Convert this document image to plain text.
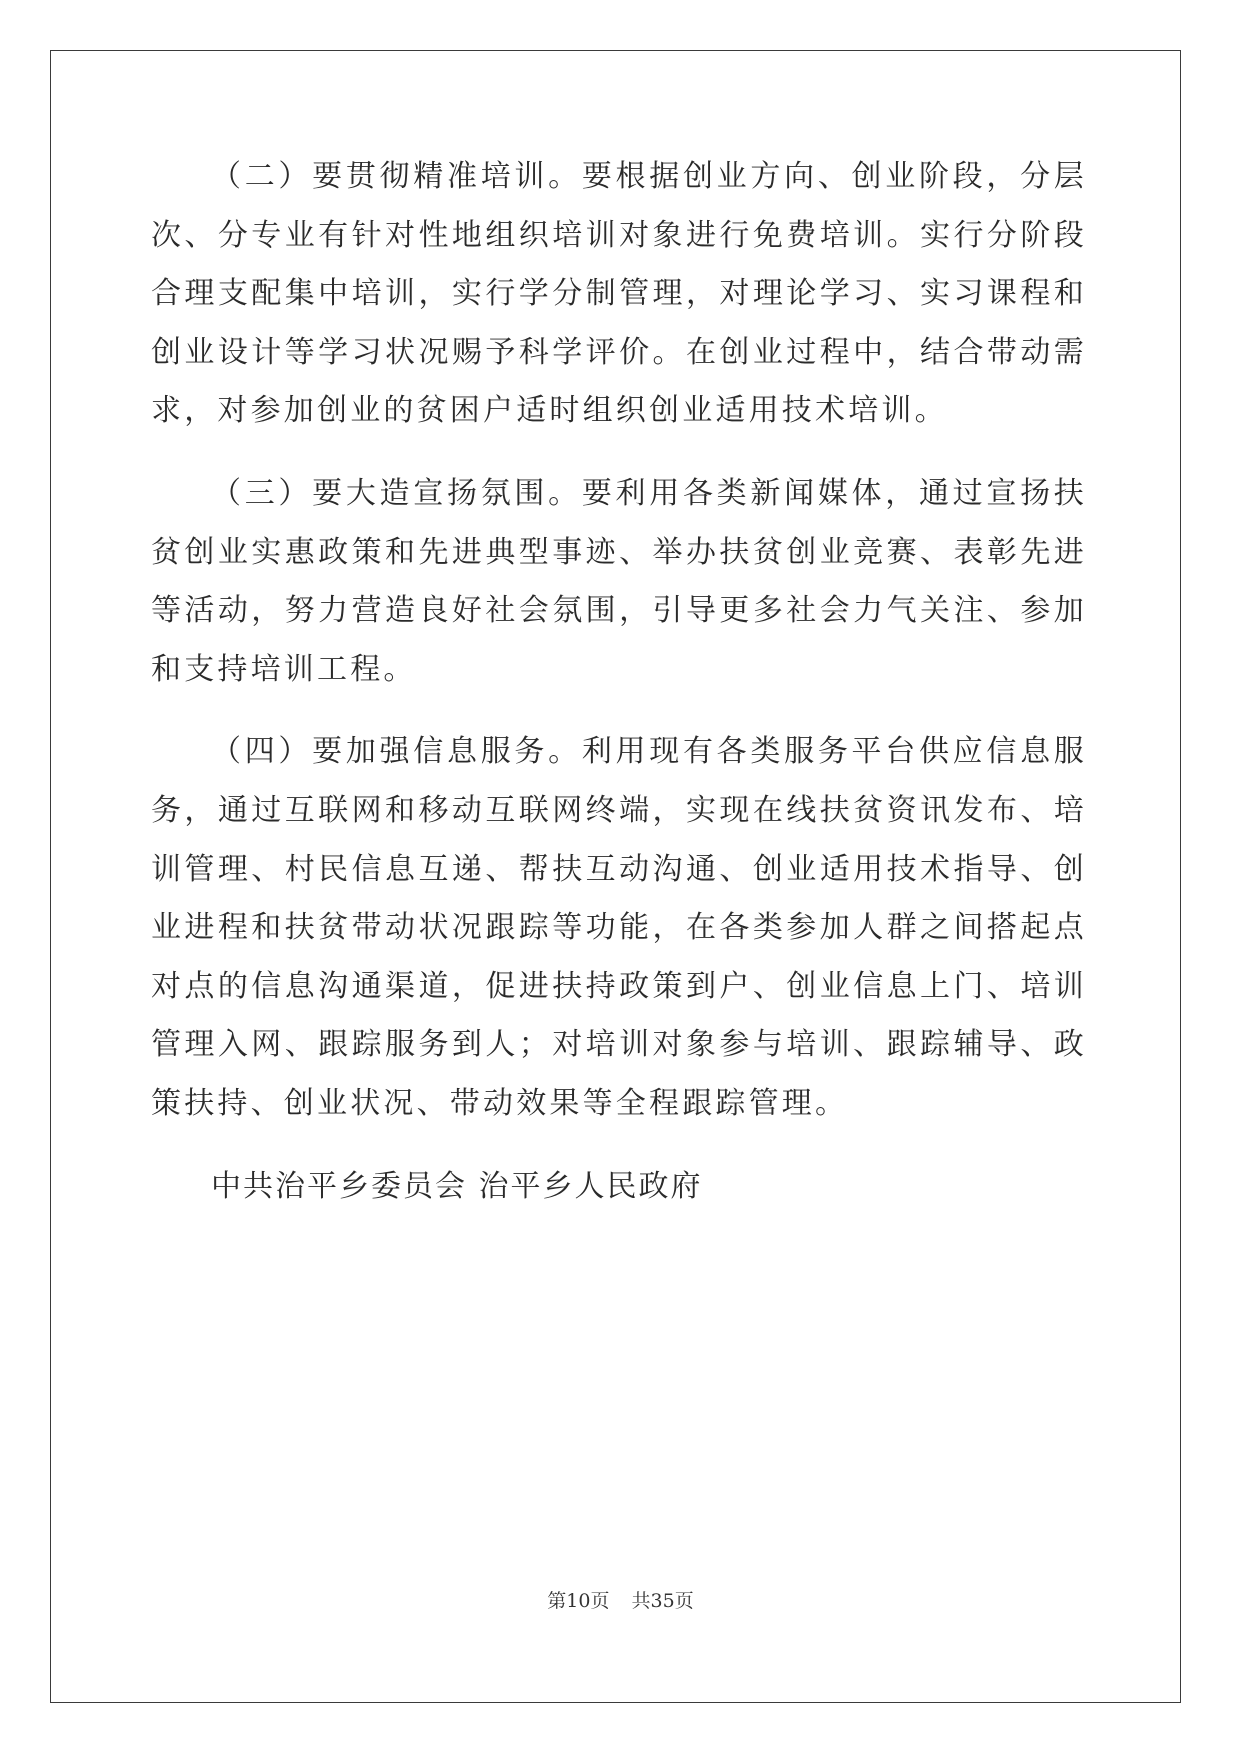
（二）要贯彻精准培训。要根据创业方向、创业阶段，分层次、分专业有针对性地组织培训对象进行免费培训。实行分阶段合理支配集中培训，实行学分制管理，对理论学习、实习课程和创业设计等学习状况赐予科学评价。在创业过程中，结合带动需求，对参加创业的贫困户适时组织创业适用技术培训。

（三）要大造宣扬氛围。要利用各类新闻媒体，通过宣扬扶贫创业实惠政策和先进典型事迹、举办扶贫创业竞赛、表彰先进等活动，努力营造良好社会氛围，引导更多社会力气关注、参加和支持培训工程。

（四）要加强信息服务。利用现有各类服务平台供应信息服务，通过互联网和移动互联网终端，实现在线扶贫资讯发布、培训管理、村民信息互递、帮扶互动沟通、创业适用技术指导、创业进程和扶贫带动状况跟踪等功能，在各类参加人群之间搭起点对点的信息沟通渠道，促进扶持政策到户、创业信息上门、培训管理入网、跟踪服务到人；对培训对象参与培训、跟踪辅导、政策扶持、创业状况、带动效果等全程跟踪管理。

中共治平乡委员会 治平乡人民政府

第10页 共35页
